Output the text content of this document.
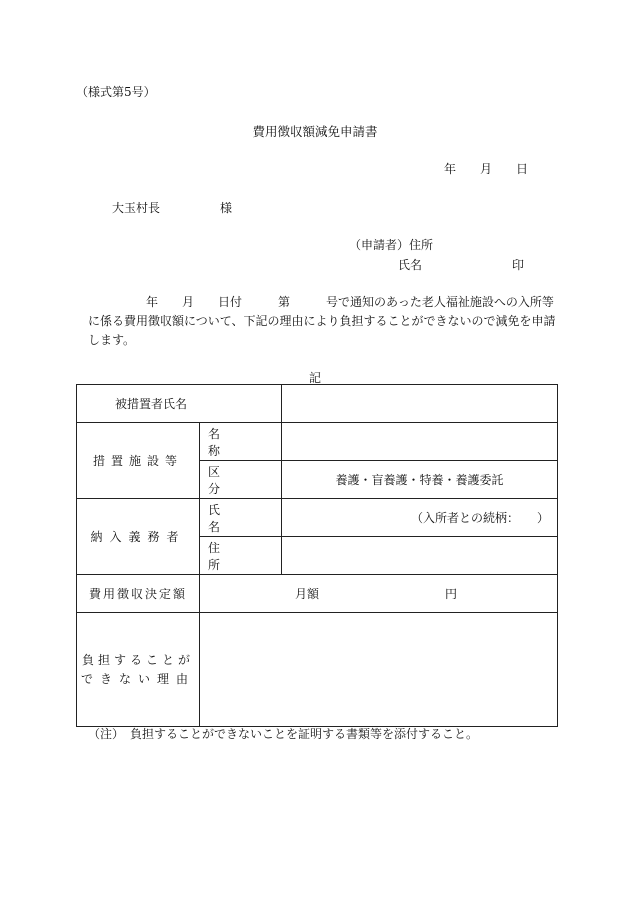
（様式第5号）
費用徴収額減免申請書
年 月 日
大玉村長	様
（申請者）住所
氏名	印
年　　月　　日付　　　第　　　号で通知のあった老人福祉施設への入所等
に係る費用徴収額について、下記の理由により負担することができないので減免を申請
します。
記
被措置者氏名		

措置施設等	名称	

	区分	養護・盲養護・特養・養護委託
納入義務者	氏名	（入所者との続柄：　　）

	住所	

費用徴収決定額	月額 円	

負担することが
できない理由		

（注）　負担することができないことを証明する書類等を添付すること。
